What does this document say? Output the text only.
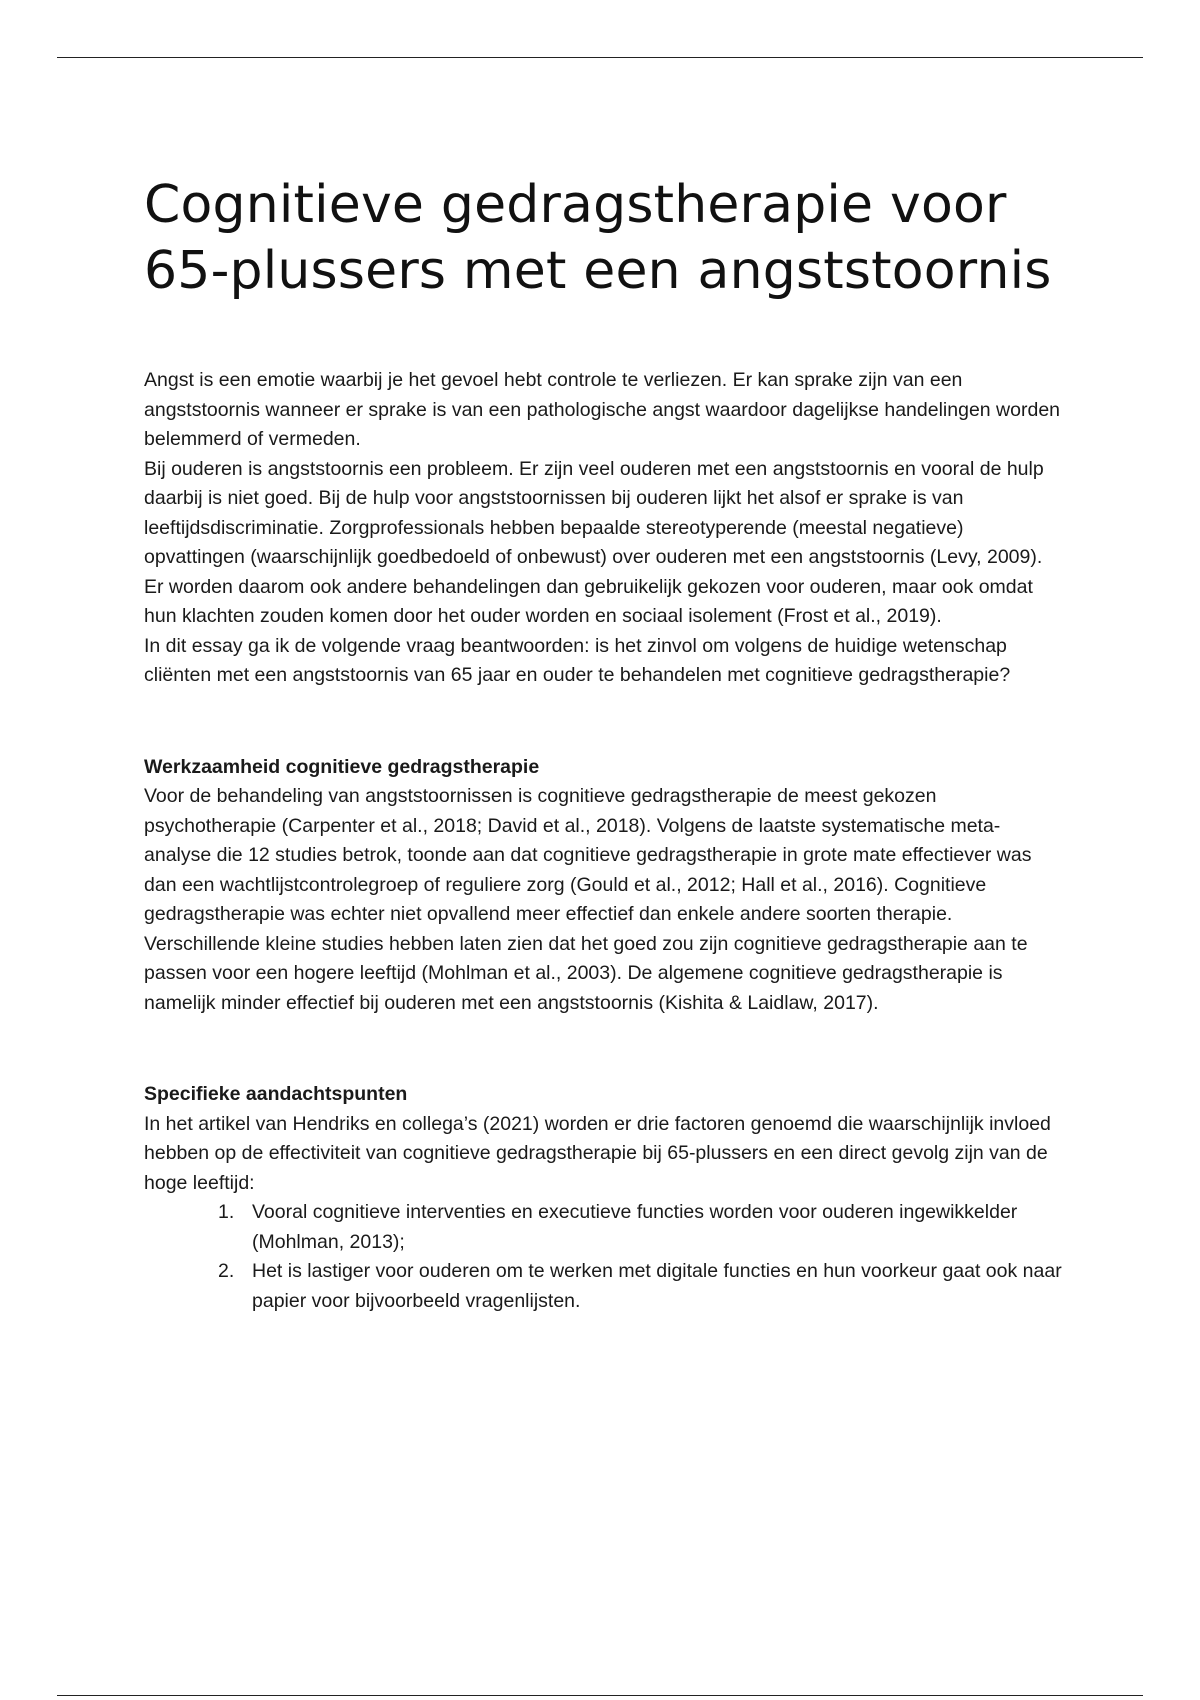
Cognitieve gedragstherapie voor 65-plussers met een angststoornis

Angst is een emotie waarbij je het gevoel hebt controle te verliezen. Er kan sprake zijn van een angststoornis wanneer er sprake is van een pathologische angst waardoor dagelijkse handelingen worden belemmerd of vermeden.

Bij ouderen is angststoornis een probleem. Er zijn veel ouderen met een angststoornis en vooral de hulp daarbij is niet goed. Bij de hulp voor angststoornissen bij ouderen lijkt het alsof er sprake is van leeftijdsdiscriminatie. Zorgprofessionals hebben bepaalde stereotyperende (meestal negatieve) opvattingen (waarschijnlijk goedbedoeld of onbewust) over ouderen met een angststoornis (Levy, 2009). Er worden daarom ook andere behandelingen dan gebruikelijk gekozen voor ouderen, maar ook omdat hun klachten zouden komen door het ouder worden en sociaal isolement (Frost et al., 2019).

In dit essay ga ik de volgende vraag beantwoorden: is het zinvol om volgens de huidige wetenschap cliënten met een angststoornis van 65 jaar en ouder te behandelen met cognitieve gedragstherapie?

Werkzaamheid cognitieve gedragstherapie

Voor de behandeling van angststoornissen is cognitieve gedragstherapie de meest gekozen psychotherapie (Carpenter et al., 2018; David et al., 2018). Volgens de laatste systematische meta-analyse die 12 studies betrok, toonde aan dat cognitieve gedragstherapie in grote mate effectiever was dan een wachtlijstcontrolegroep of reguliere zorg (Gould et al., 2012; Hall et al., 2016). Cognitieve gedragstherapie was echter niet opvallend meer effectief dan enkele andere soorten therapie.

Verschillende kleine studies hebben laten zien dat het goed zou zijn cognitieve gedragstherapie aan te passen voor een hogere leeftijd (Mohlman et al., 2003). De algemene cognitieve gedragstherapie is namelijk minder effectief bij ouderen met een angststoornis (Kishita & Laidlaw, 2017).

Specifieke aandachtspunten

In het artikel van Hendriks en collega’s (2021) worden er drie factoren genoemd die waarschijnlijk invloed hebben op de effectiviteit van cognitieve gedragstherapie bij 65-plussers en een direct gevolg zijn van de hoge leeftijd:

1. Vooral cognitieve interventies en executieve functies worden voor ouderen ingewikkelder (Mohlman, 2013);
2. Het is lastiger voor ouderen om te werken met digitale functies en hun voorkeur gaat ook naar papier voor bijvoorbeeld vragenlijsten.
